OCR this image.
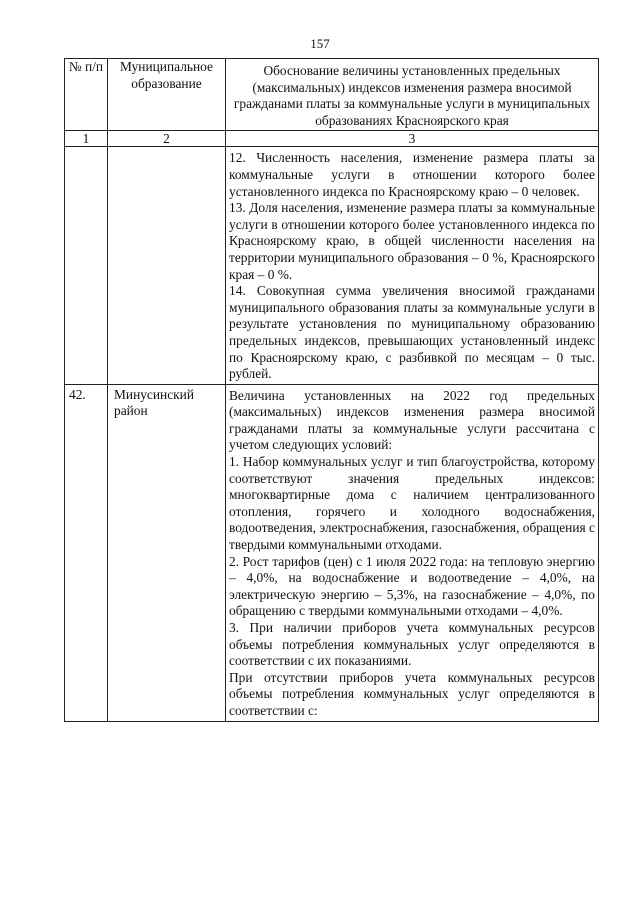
157
№ п/п	Муниципальное образование	Обоснование величины установленных предельных (максимальных) индексов изменения размера вносимой гражданами платы за коммунальные услуги в муниципальных образованиях Красноярского края
1	2	3

		12. Численность населения, изменение размера платы за коммунальные услуги в отношении которого более установленного индекса по Красноярскому краю – 0 человек.

13. Доля населения, изменение размера платы за коммунальные услуги в отношении которого более установленного индекса по Красноярскому краю, в общей численности населения на территории муниципального образования – 0 %, Красноярского края – 0 %.

14. Совокупная сумма увеличения вносимой гражданами муниципального образования платы за коммунальные услуги в результате установления по муниципальному образованию предельных индексов, превышающих установленный индекс по Красноярскому краю, с разбивкой по месяцам – 0 тыс. рублей.

42.	Минусинский район	Величина установленных на 2022 год предельных (максимальных) индексов изменения размера вносимой гражданами платы за коммунальные услуги рассчитана с учетом следующих условий:

1. Набор коммунальных услуг и тип благоустройства, которому соответствуют значения предельных индексов: многоквартирные дома с наличием централизованного отопления, горячего и холодного водоснабжения, водоотведения, электроснабжения, газоснабжения, обращения с твердыми коммунальными отходами.

2. Рост тарифов (цен) с 1 июля 2022 года: на тепловую энергию – 4,0%, на водоснабжение и водоотведение – 4,0%, на электрическую энергию – 5,3%, на газоснабжение – 4,0%, по обращению с твердыми коммунальными отходами – 4,0%.

3. При наличии приборов учета коммунальных ресурсов объемы потребления коммунальных услуг определяются в соответствии с их показаниями.

При отсутствии приборов учета коммунальных ресурсов объемы потребления коммунальных услуг определяются в соответствии с:
